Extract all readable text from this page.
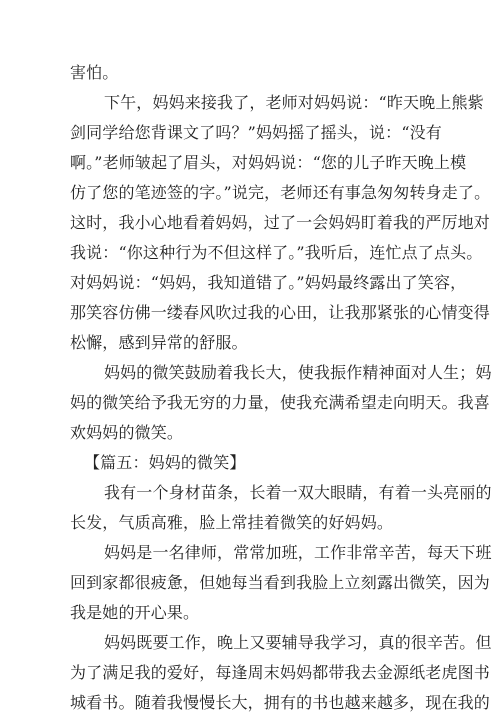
害怕。
下午，妈妈来接我了，老师对妈妈说：“昨天晚上熊紫
剑同学给您背课文了吗？”妈妈摇了摇头，说：“没有
啊。”老师皱起了眉头，对妈妈说：“您的儿子昨天晚上模
仿了您的笔迹签的字。”说完，老师还有事急匆匆转身走了。
这时，我小心地看着妈妈，过了一会妈妈盯着我的严厉地对
我说：“你这种行为不但这样了。”我听后，连忙点了点头。
对妈妈说：“妈妈，我知道错了。”妈妈最终露出了笑容，
那笑容仿佛一缕春风吹过我的心田，让我那紧张的心情变得
松懈，感到异常的舒服。
妈妈的微笑鼓励着我长大，使我振作精神面对人生；妈
妈的微笑给予我无穷的力量，使我充满希望走向明天。我喜
欢妈妈的微笑。
【篇五：妈妈的微笑】
我有一个身材苗条，长着一双大眼睛，有着一头亮丽的
长发，气质高雅，脸上常挂着微笑的好妈妈。
妈妈是一名律师，常常加班，工作非常辛苦，每天下班
回到家都很疲惫，但她每当看到我脸上立刻露出微笑，因为
我是她的开心果。
妈妈既要工作，晚上又要辅导我学习，真的很辛苦。但
为了满足我的爱好，每逢周末妈妈都带我去金源纸老虎图书
城看书。随着我慢慢长大，拥有的书也越来越多，现在我的
